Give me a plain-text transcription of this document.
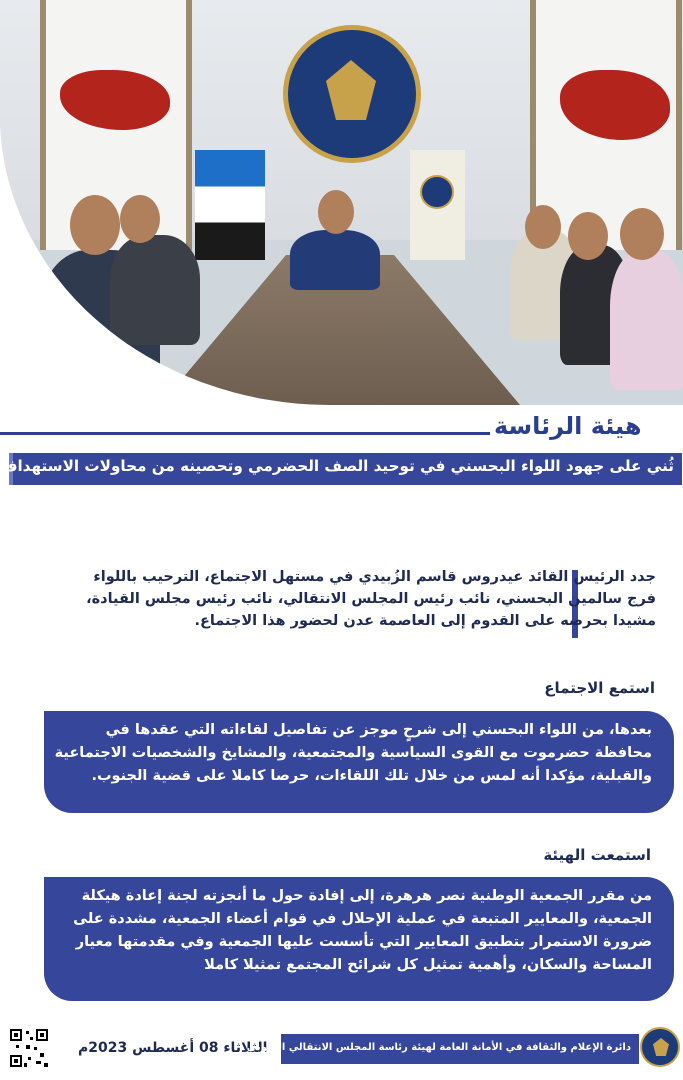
هيئة الرئاسة
ثُني على جهود اللواء البحسني في توحيد الصف الحضرمي وتحصينه من محاولات الاستهداف
جدد الرئيس القائد عيدروس قاسم الزُبيدي في مستهل الاجتماع، الترحيب باللواء فرج سالمين البحسني، نائب رئيس المجلس الانتقالي، نائب رئيس مجلس القيادة، مشيدا بحرصه على القدوم إلى العاصمة عدن لحضور هذا الاجتماع.
استمع الاجتماع
بعدها، من اللواء البحسني إلى شرحٍ موجز عن تفاصيل لقاءاته التي عقدها في محافظة حضرموت مع القوى السياسية والمجتمعية، والمشايخ والشخصيات الاجتماعية والقبلية، مؤكدا أنه لمس من خلال تلك اللقاءات، حرصا كاملا على قضية الجنوب.
استمعت الهيئة
من مقرر الجمعية الوطنية نصر هرهرة، إلى إفادة حول ما أنجزته لجنة إعادة هيكلة الجمعية، والمعايير المتبعة في عملية الإحلال في قوام أعضاء الجمعية، مشددة على ضرورة الاستمرار بتطبيق المعايير التي تأسست عليها الجمعية وفي مقدمتها معيار المساحة والسكان، وأهمية تمثيل كل شرائح المجتمع تمثيلا كاملا
الثلاثاء 08 أغسطس 2023م
دائرة الإعلام والثقافة في الأمانة العامة لهيئة رئاسة المجلس الانتقالي الجنوبي
